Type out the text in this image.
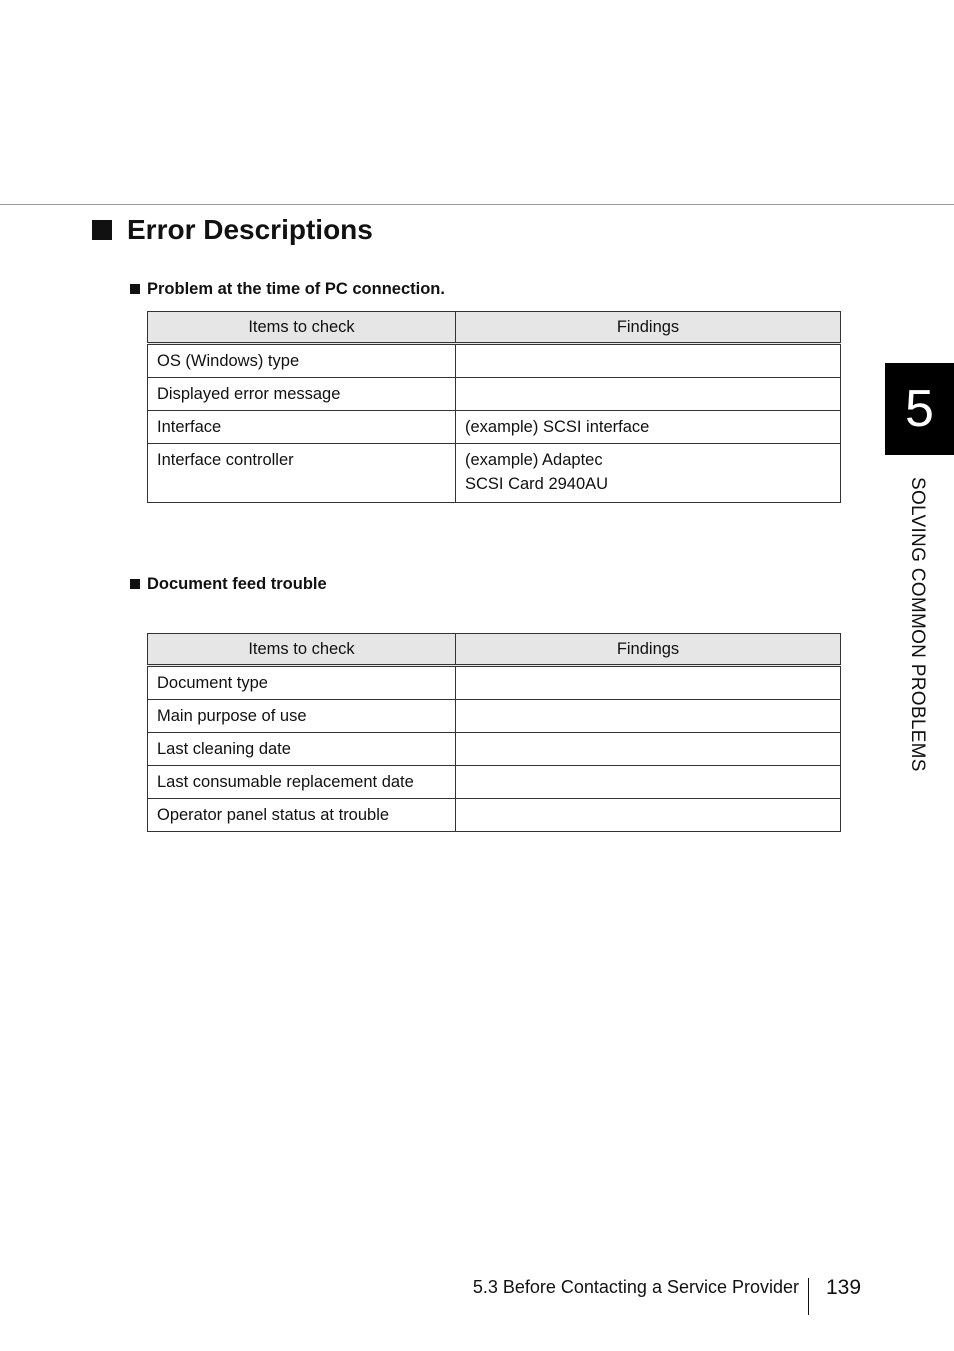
Error Descriptions
Problem at the time of PC connection.
Items to check	Findings
OS (Windows) type	
Displayed error message	
Interface	(example) SCSI interface
Interface controller	(example) Adaptec
SCSI Card 2940AU
Document feed trouble
Items to check	Findings
Document type	
Main purpose of use	
Last cleaning date	
Last consumable replacement date	
Operator panel status at trouble	
5
SOLVING COMMON PROBLEMS
5.3 Before Contacting a Service Provider 139
